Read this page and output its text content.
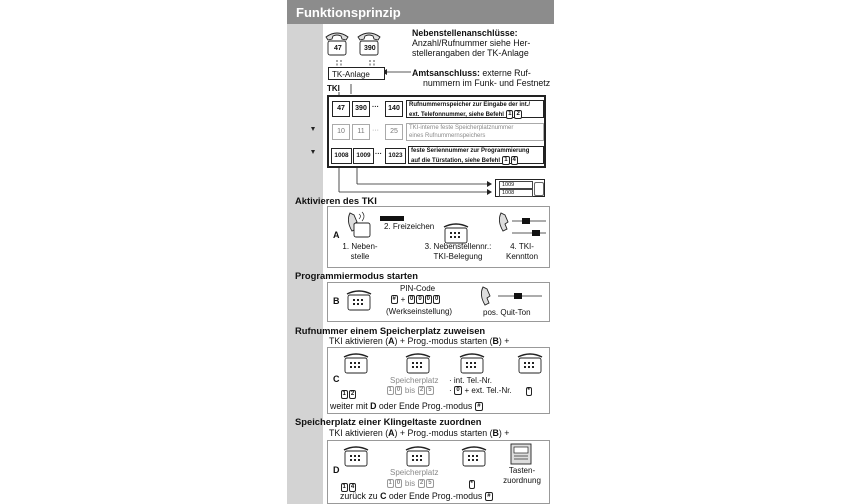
Funktionsprinzip
47	390
Nebenstellenanschlüsse:
Anzahl/Rufnummer siehe Her-
stellerangaben der TK-Anlage
TK-Anlage	Amtsanschluss: externe Ruf-
nummern im Funk- und Festnetz
TKI
47	390 ···	140	Rufnummernspeicher zur Eingabe der int./
ext. Telefonnummer, siehe Befehl 1 2
10	11	···	25	TKI-interne feste Speicherplatznummer
eines Rufnummernspeichers
1008	1009 ··· 1023
feste Seriennummer zur Programmierung
auf die Türstation, siehe Befehl 1 4
1009
1008
Aktivieren des TKI
A
1. Neben-
stelle
2. Freizeichen
3. Nebenstellennr.:
TKI-Belegung
4. TKI-
Kenntton
Programmiermodus starten
B
PIN-Code
# + 0 0 0 0
(Werkseinstellung)	pos. Quit-Ton
Rufnummer einem Speicherplatz zuweisen
TKI aktivieren (A) + Prog.-modus starten (B) +
C
1 2
Speicherplatz
1 0 bis 2 5
· int. Tel.-Nr.
· 0 + ext. Tel.-Nr.	*
weiter mit D oder Ende Prog.-modus #
Speicherplatz einer Klingeltaste zuordnen
TKI aktivieren (A) + Prog.-modus starten (B) +
D
1 4
Speicherplatz
1 0 bis 2 5	*
Tasten-
zuordnung
zurück zu C oder Ende Prog.-modus #
